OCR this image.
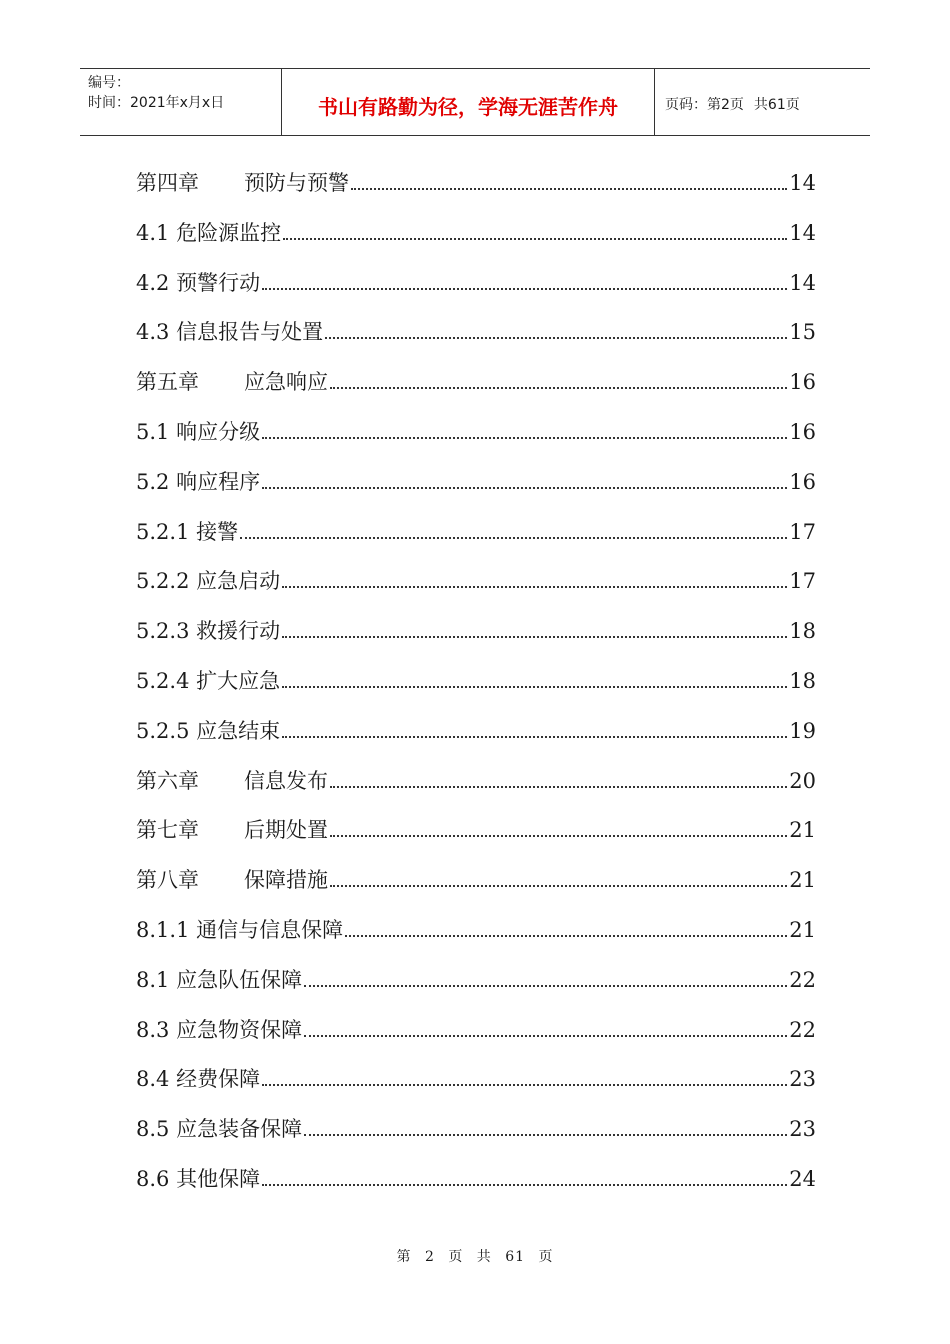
编号：
时间：2021年x月x日	书山有路勤为径，学海无涯苦作舟	页码：第2页 共61页
第四章 预防与预警	14
4.1 危险源监控	14
4.2 预警行动	14
4.3 信息报告与处置	15
第五章 应急响应	16
5.1 响应分级	16
5.2 响应程序	16
5.2.1 接警	17
5.2.2 应急启动	17
5.2.3 救援行动	18
5.2.4 扩大应急	18
5.2.5 应急结束	19
第六章 信息发布	20
第七章 后期处置	21
第八章 保障措施	21
8.1.1 通信与信息保障	21
8.1 应急队伍保障	22
8.3 应急物资保障	22
8.4 经费保障	23
8.5 应急装备保障	23
8.6 其他保障	24
第 2 页 共 61 页
